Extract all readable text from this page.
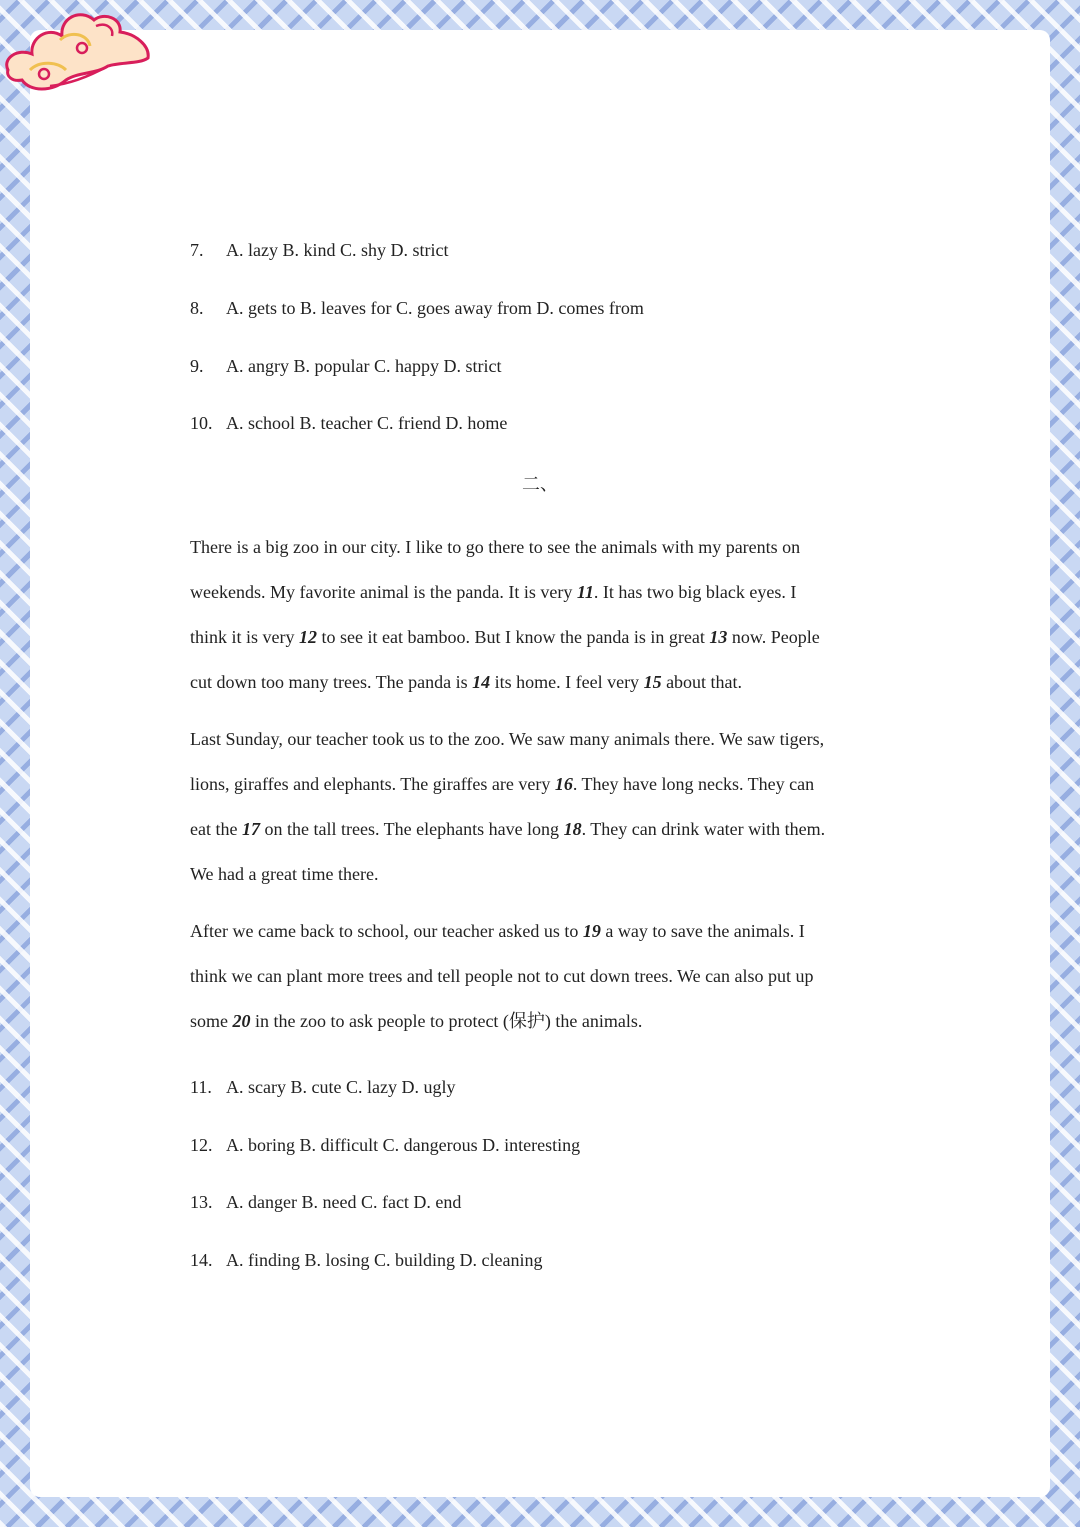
7. A. lazy B. kind C. shy D. strict
8. A. gets to B. leaves for C. goes away from D. comes from
9. A. angry B. popular C. happy D. strict
10. A. school B. teacher C. friend D. home
二、

There is a big zoo in our city. I like to go there to see the animals with my parents on

weekends. My favorite animal is the panda. It is very 11. It has two big black eyes. I

think it is very 12 to see it eat bamboo. But I know the panda is in great 13 now. People

cut down too many trees. The panda is 14 its home. I feel very 15 about that.

Last Sunday, our teacher took us to the zoo. We saw many animals there. We saw tigers,

lions, giraffes and elephants. The giraffes are very 16. They have long necks. They can

eat the 17 on the tall trees. The elephants have long 18. They can drink water with them.

We had a great time there.

After we came back to school, our teacher asked us to 19 a way to save the animals. I

think we can plant more trees and tell people not to cut down trees. We can also put up

some 20 in the zoo to ask people to protect (保护) the animals.

11. A. scary B. cute C. lazy D. ugly
12. A. boring B. difficult C. dangerous D. interesting
13. A. danger B. need C. fact D. end
14. A. finding B. losing C. building D. cleaning
